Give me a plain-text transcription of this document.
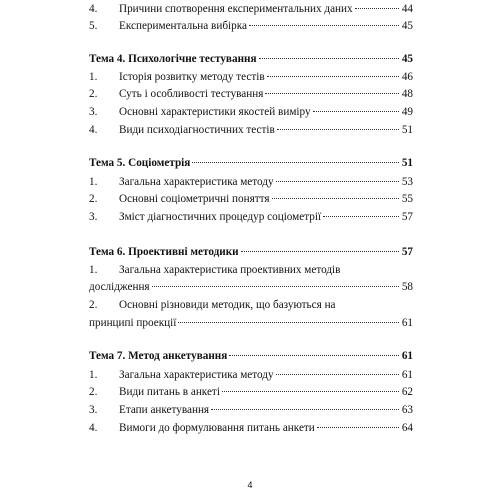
4.	Причини спотворення експериментальних даних	44
5.	Експериментальна вибірка	45
Тема 4. Психологічне тестування	45
1.	Історія розвитку методу тестів	46
2.	Суть і особливості тестування	48
3.	Основні характеристики якостей виміру	49
4.	Види психодіагностичних тестів	51
Тема 5. Соціометрія	51
1.	Загальна характеристика методу	53
2.	Основні соціометричні поняття	55
3.	Зміст діагностичних процедур соціометрії	57
Тема 6. Проективні методики	57
1.	Загальна характеристика проективних методів
дослідження	58
2.	Основні різновиди методик, що базуються на
принципі проекції	61
Тема 7. Метод анкетування	61
1.	Загальна характеристика методу	61
2.	Види питань в анкеті	62
3.	Етапи анкетування	63
4.	Вимоги до формулювання питань анкети	64
4
